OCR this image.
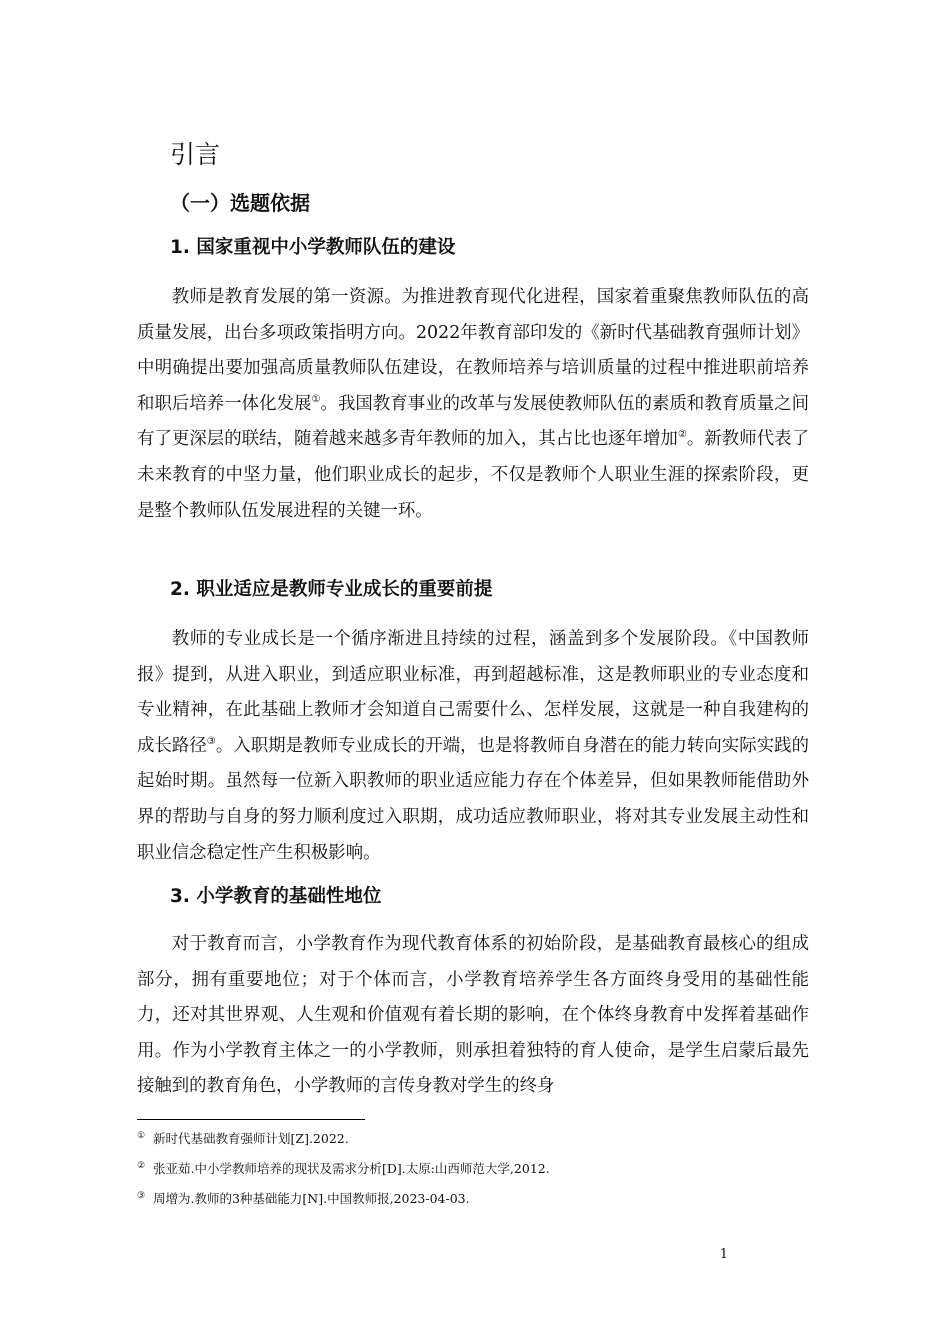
引言
（一）选题依据
1. 国家重视中小学教师队伍的建设

教师是教育发展的第一资源。为推进教育现代化进程，国家着重聚焦教师队伍的高质量发展，出台多项政策指明方向。2022年教育部印发的《新时代基础教育强师计划》中明确提出要加强高质量教师队伍建设，在教师培养与培训质量的过程中推进职前培养和职后培养一体化发展①。我国教育事业的改革与发展使教师队伍的素质和教育质量之间有了更深层的联结，随着越来越多青年教师的加入，其占比也逐年增加②。新教师代表了未来教育的中坚力量，他们职业成长的起步，不仅是教师个人职业生涯的探索阶段，更是整个教师队伍发展进程的关键一环。

2. 职业适应是教师专业成长的重要前提

教师的专业成长是一个循序渐进且持续的过程，涵盖到多个发展阶段。《中国教师报》提到，从进入职业，到适应职业标准，再到超越标准，这是教师职业的专业态度和专业精神，在此基础上教师才会知道自己需要什么、怎样发展，这就是一种自我建构的成长路径③。入职期是教师专业成长的开端，也是将教师自身潜在的能力转向实际实践的起始时期。虽然每一位新入职教师的职业适应能力存在个体差异，但如果教师能借助外界的帮助与自身的努力顺利度过入职期，成功适应教师职业，将对其专业发展主动性和职业信念稳定性产生积极影响。

3. 小学教育的基础性地位

对于教育而言，小学教育作为现代教育体系的初始阶段，是基础教育最核心的组成部分，拥有重要地位；对于个体而言，小学教育培养学生各方面终身受用的基础性能力，还对其世界观、人生观和价值观有着长期的影响，在个体终身教育中发挥着基础作用。作为小学教育主体之一的小学教师，则承担着独特的育人使命，是学生启蒙后最先接触到的教育角色，小学教师的言传身教对学生的终身

① 新时代基础教育强师计划[Z].2022.
② 张亚茹.中小学教师培养的现状及需求分析[D].太原:山西师范大学,2012.
③ 周增为.教师的3种基础能力[N].中国教师报,2023-04-03.
1
